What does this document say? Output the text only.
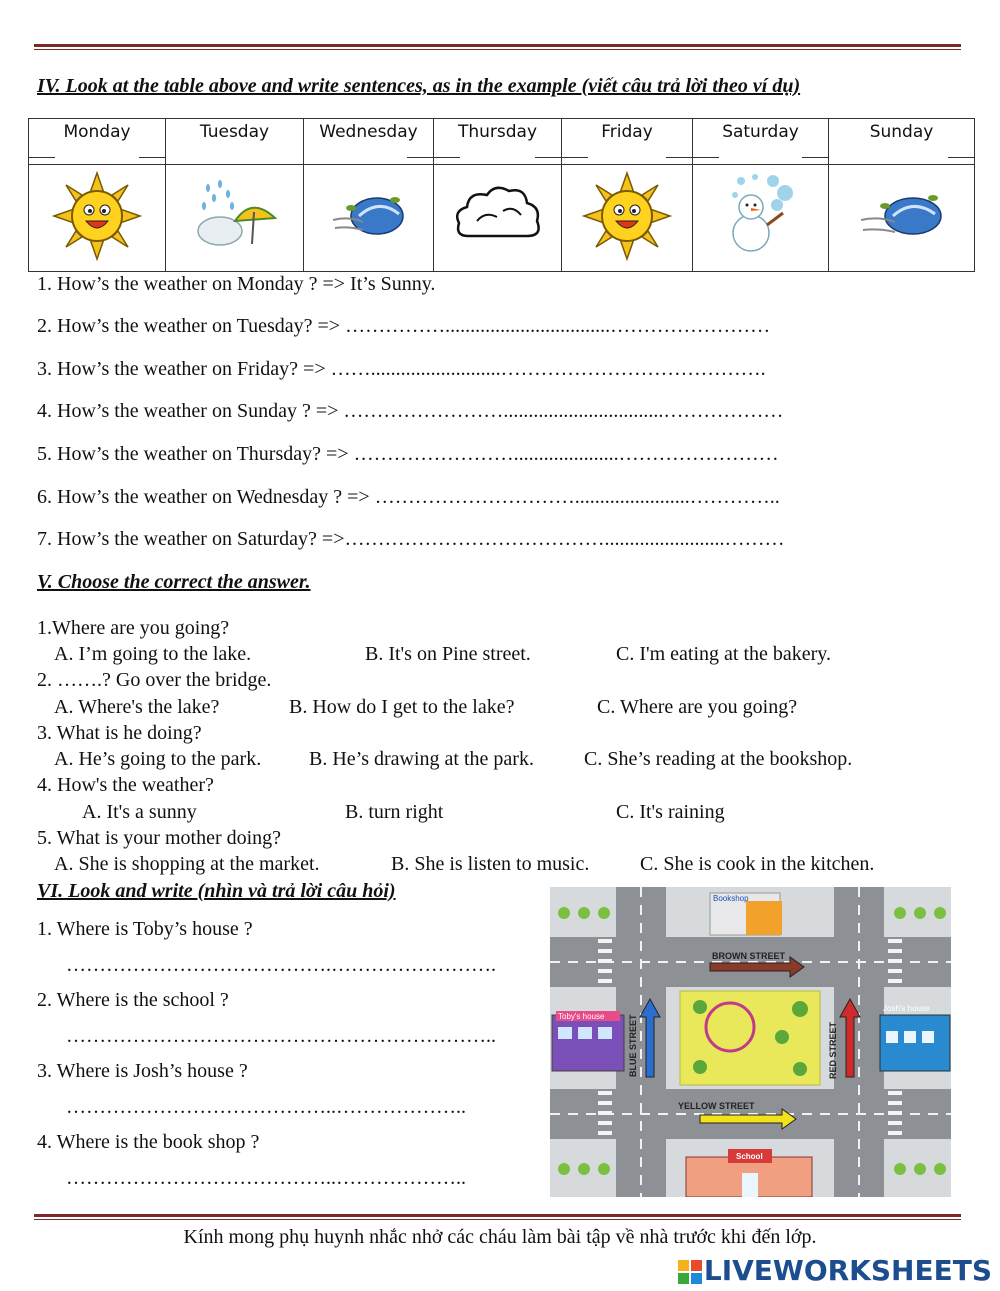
IV. Look at the table above and write sentences, as in the example (viết câu trả lời theo ví dụ)
Monday	Tuesday	Wednesday	Thursday	Friday	Saturday	Sunday

1. How’s the weather on Monday ? => It’s Sunny.
2. How’s the weather on Tuesday? => …………….................................……………………
3. How’s the weather on Friday? => ……..........................………………………………….
4. How’s the weather on Sunday ? => ……………………................................………………
5. How’s the weather on Thursday? => …………………….....................……………………
6. How’s the weather on Wednesday ? => ………………………….......................…………..
7. How’s the weather on Saturday? =>…………………………………........................………
V. Choose the correct the answer.
1.Where are you going?
A. I’m going to the lake.	B. It's on Pine street.	C. I'm eating at the bakery.
2. …….? Go over the bridge.
A. Where's the lake?	B. How do I get to the lake?	C. Where are you going?
3. What is he doing?
A. He’s going to the park. B. He’s drawing at the park.	C. She’s reading at the bookshop.
4. How's the weather?
A. It's a sunny	B. turn right	C. It's raining
5. What is your mother doing?
A. She is shopping at the market.	B. She is listen to music.	C. She is cook in the kitchen.
VI. Look and write (nhìn và trả lời câu hỏi)
1. Where is Toby’s house ?
………………………………….…………………….
2. Where is the school ?
………………………………………………………..
3. Where is Josh’s house ?
…………………………………..………………..
4. Where is the book shop ?
…………………………………..………………..
Bookshop
BROWN STREET
BLUE STREET	RED STREET
Toby's house
Josh's house
YELLOW STREET
School
Kính mong phụ huynh nhắc nhở các cháu làm bài tập về nhà trước khi đến lớp.
LIVEWORKSHEETS
